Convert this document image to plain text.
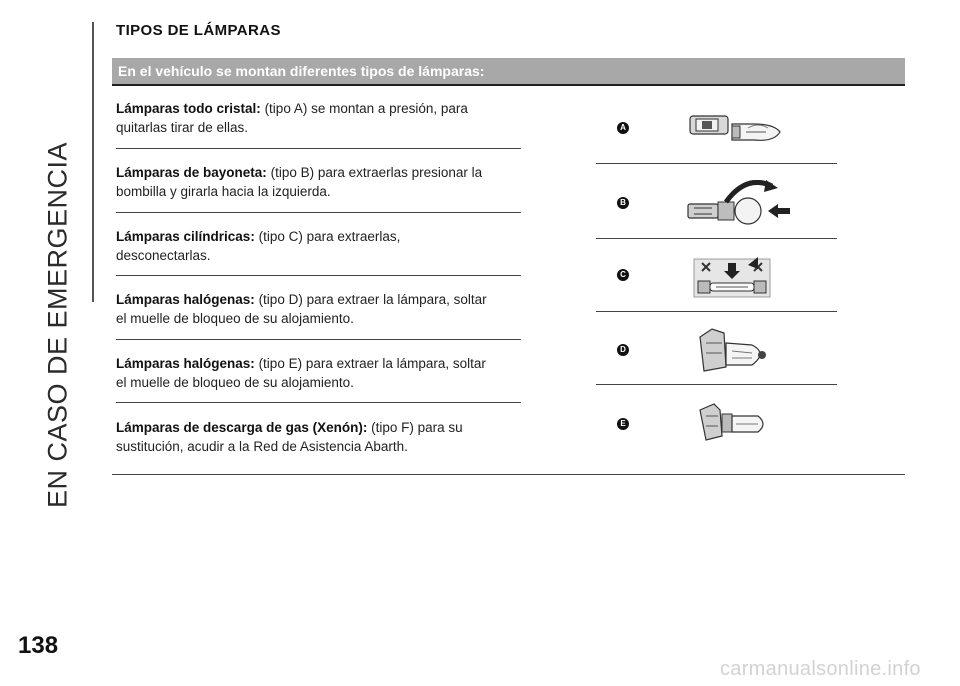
EN CASO DE EMERGENCIA
138
TIPOS DE LÁMPARAS
En el vehículo se montan diferentes tipos de lámparas:
Lámparas todo cristal: (tipo A) se montan a presión, para
quitarlas tirar de ellas.
Lámparas de bayoneta: (tipo B) para extraerlas presionar la
bombilla y girarla hacia la izquierda.
Lámparas cilíndricas: (tipo C) para extraerlas,
desconectarlas.
Lámparas halógenas: (tipo D) para extraer la lámpara, soltar
el muelle de bloqueo de su alojamiento.
Lámparas halógenas: (tipo E) para extraer la lámpara, soltar
el muelle de bloqueo de su alojamiento.
Lámparas de descarga de gas (Xenón): (tipo F) para su
sustitución, acudir a la Red de Asistencia Abarth.
A
B
C
D
E
carmanualsonline.info
